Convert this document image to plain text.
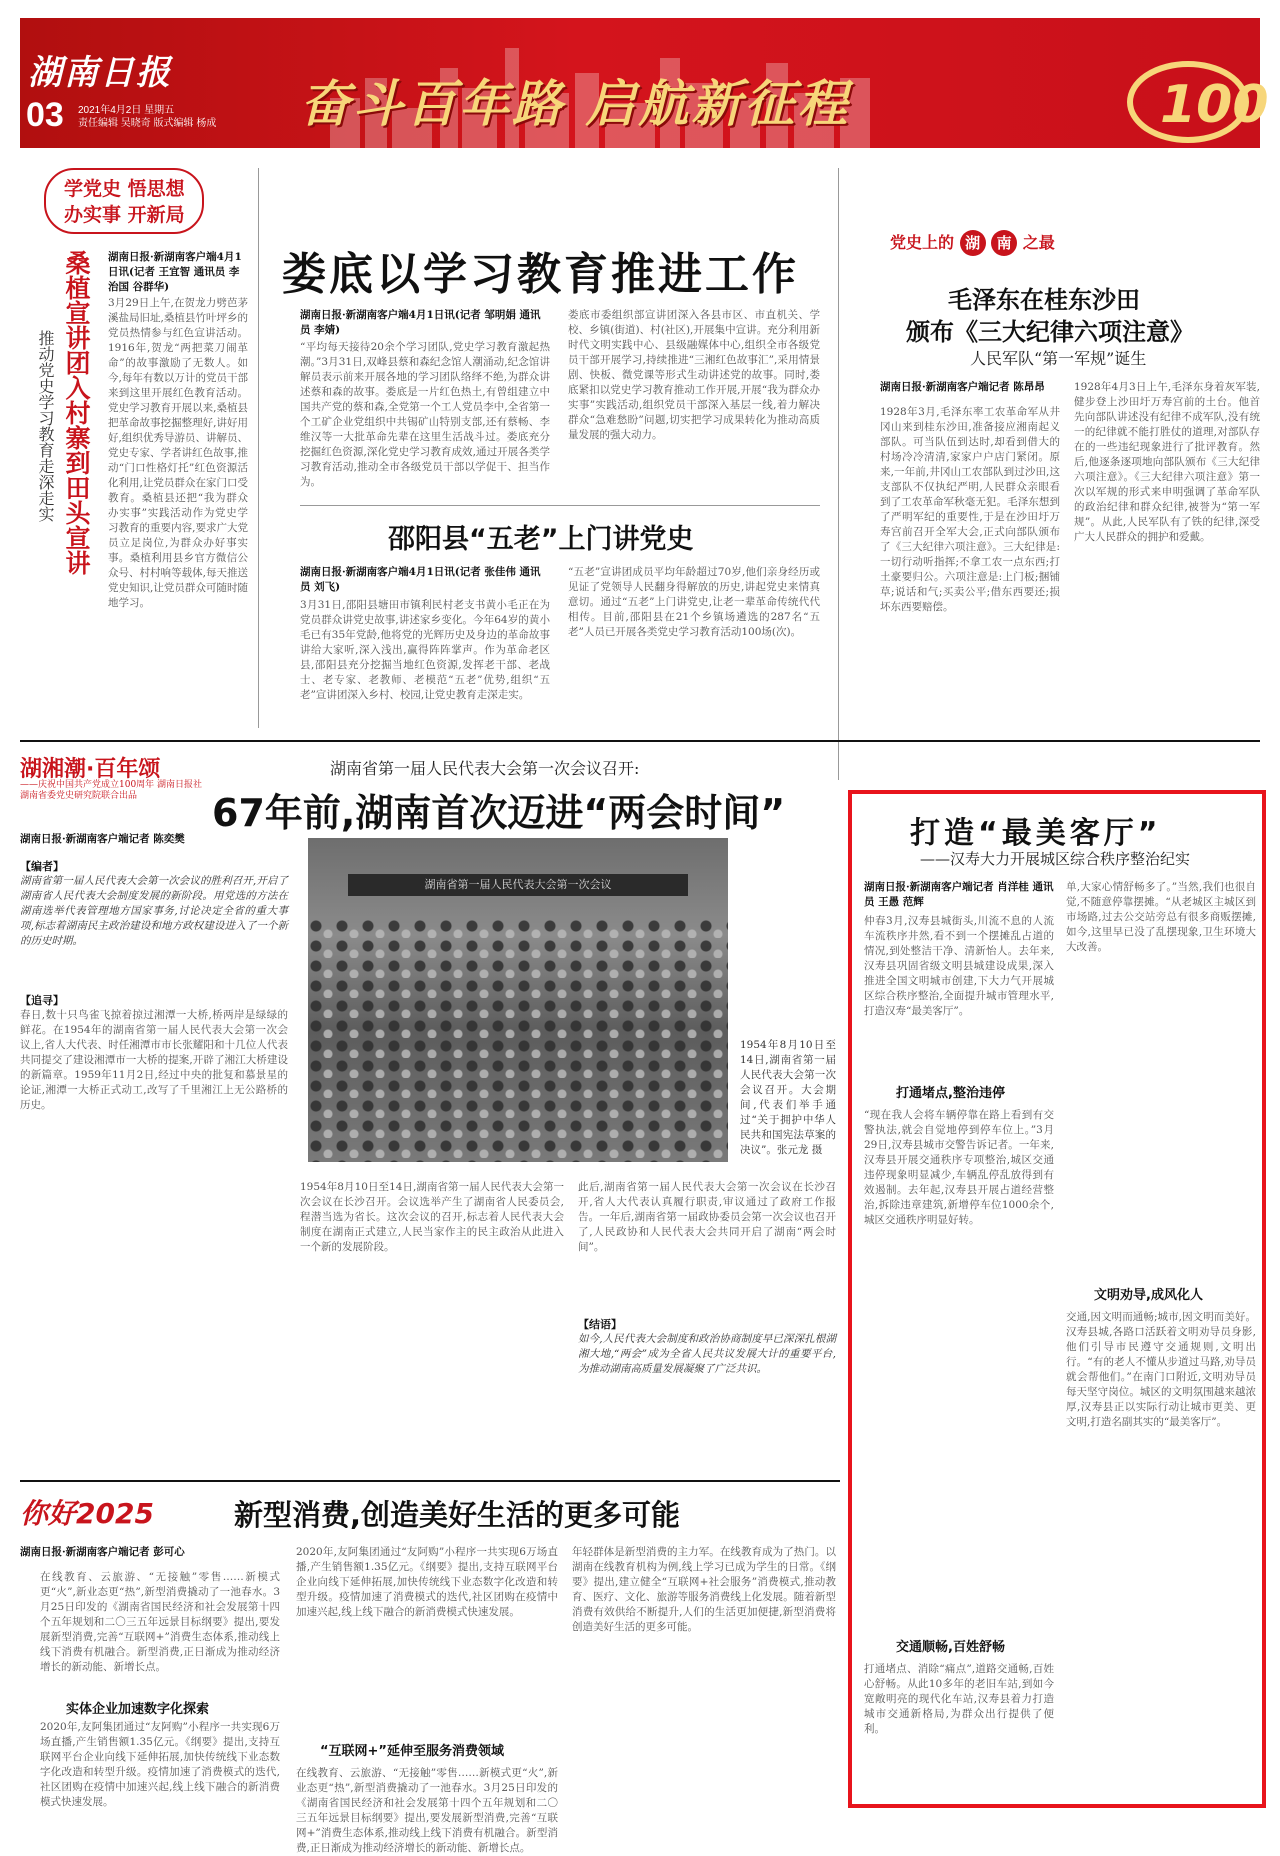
100
湖南日报
03 2021年4月2日 星期五
责任编辑 吴晓奇 版式编辑 杨成 奋斗百年路 启航新征程
学党史 悟思想
办实事 开新局
桑植宣讲团入村寨到田头宣讲
推动党史学习教育走深走实
湖南日报·新湖南客户端4月1日讯(记者 王宜智 通讯员 李治国 谷群华)
3月29日上午,在贺龙力劈芭茅溪盐局旧址,桑植县竹叶坪乡的党员热情参与红色宣讲活动。1916年,贺龙“两把菜刀闹革命”的故事激励了无数人。如今,每年有数以万计的党员干部来到这里开展红色教育活动。党史学习教育开展以来,桑植县把革命故事挖掘整理好,讲好用好,组织优秀导游员、讲解员、党史专家、学者讲红色故事,推动“门口性格灯托”红色资源活化利用,让党员群众在家门口受教育。桑植县还把“我为群众办实事”实践活动作为党史学习教育的重要内容,要求广大党员立足岗位,为群众办好事实事。桑植利用县乡官方微信公众号、村村响等载体,每天推送党史知识,让党员群众可随时随地学习。
娄底以学习教育推进工作
湖南日报·新湖南客户端4月1日讯(记者 邹明娟 通讯员 李婧)
“平均每天接待20余个学习团队,党史学习教育激起热潮。”3月31日,双峰县蔡和森纪念馆人潮涌动,纪念馆讲解员表示前来开展各地的学习团队络绎不绝,为群众讲述蔡和森的故事。娄底是一片红色热土,有曾组建立中国共产党的蔡和森,全党第一个工人党员李中,全省第一个工矿企业党组织中共锡矿山特别支部,还有蔡畅、李维汉等一大批革命先辈在这里生活战斗过。娄底充分挖掘红色资源,深化党史学习教育成效,通过开展各类学习教育活动,推动全市各级党员干部以学促干、担当作为。
娄底市委组织部宣讲团深入各县市区、市直机关、学校、乡镇(街道)、村(社区),开展集中宣讲。充分利用新时代文明实践中心、县级融媒体中心,组织全市各级党员干部开展学习,持续推进“三湘红色故事汇”,采用情景剧、快板、微党课等形式生动讲述党的故事。同时,娄底紧扣以党史学习教育推动工作开展,开展“我为群众办实事”实践活动,组织党员干部深入基层一线,着力解决群众“急难愁盼”问题,切实把学习成果转化为推动高质量发展的强大动力。
邵阳县“五老”上门讲党史
湖南日报·新湖南客户端4月1日讯(记者 张佳伟 通讯员 刘飞)
3月31日,邵阳县塘田市镇利民村老支书黄小毛正在为党员群众讲党史故事,讲述家乡变化。今年64岁的黄小毛已有35年党龄,他将党的光辉历史及身边的革命故事讲给大家听,深入浅出,赢得阵阵掌声。作为革命老区县,邵阳县充分挖掘当地红色资源,发挥老干部、老战士、老专家、老教师、老模范“五老”优势,组织“五老”宣讲团深入乡村、校园,让党史教育走深走实。
“五老”宣讲团成员平均年龄超过70岁,他们亲身经历或见证了党领导人民翻身得解放的历史,讲起党史来情真意切。通过“五老”上门讲党史,让老一辈革命传统代代相传。目前,邵阳县在21个乡镇场遴选的287名“五老”人员已开展各类党史学习教育活动100场(次)。
党史上的 湖 南 之最
毛泽东在桂东沙田
颁布《三大纪律六项注意》
人民军队“第一军规”诞生
湖南日报·新湖南客户端记者 陈昂昂
1928年3月,毛泽东率工农革命军从井冈山来到桂东沙田,准备接应湘南起义部队。可当队伍到达时,却看到借大的村场冷冷清清,家家户户店门紧闭。原来,一年前,井冈山工农部队到过沙田,这支部队不仅执纪严明,人民群众亲眼看到了工农革命军秋毫无犯。毛泽东想到了严明军纪的重要性,于是在沙田圩万寿宫前召开全军大会,正式向部队颁布了《三大纪律六项注意》。三大纪律是:一切行动听指挥;不拿工农一点东西;打土豪要归公。六项注意是:上门板;捆铺草;说话和气;买卖公平;借东西要还;损坏东西要赔偿。
1928年4月3日上午,毛泽东身着灰军装,健步登上沙田圩万寿宫前的土台。他首先向部队讲述没有纪律不成军队,没有统一的纪律就不能打胜仗的道理,对部队存在的一些违纪现象进行了批评教育。然后,他逐条逐项地向部队颁布《三大纪律六项注意》。《三大纪律六项注意》第一次以军规的形式来申明强调了革命军队的政治纪律和群众纪律,被誉为“第一军规”。从此,人民军队有了铁的纪律,深受广大人民群众的拥护和爱戴。
湖湘潮·百年颂
——庆祝中国共产党成立100周年 湖南日报社 湖南省委党史研究院联合出品
湖南省第一届人民代表大会第一次会议召开:
67年前,湖南首次迈进“两会时间”
湖南日报·新湖南客户端记者 陈奕樊
【编者】
湖南省第一届人民代表大会第一次会议的胜利召开,开启了湖南省人民代表大会制度发展的新阶段。用党选的方法在湖南选举代表管理地方国家事务,讨论决定全省的重大事项,标志着湖南民主政治建设和地方政权建设进入了一个新的历史时期。
【追寻】
春日,数十只鸟雀飞掠着掠过湘潭一大桥,桥两岸是绿绿的鲜花。在1954年的湖南省第一届人民代表大会第一次会议上,省人大代表、时任湘潭市市长张耀阳和十几位人代表共同提交了建设湘潭市一大桥的提案,开辟了湘江大桥建设的新篇章。1959年11月2日,经过中央的批复和慕景星的论证,湘潭一大桥正式动工,改写了千里湘江上无公路桥的历史。
湖南省第一届人民代表大会第一次会议
1954年8月10日至14日,湖南省第一届人民代表大会第一次会议召开。大会期间,代表们举手通过“关于拥护中华人民共和国宪法草案的决议”。张元龙 摄
1954年8月10日至14日,湖南省第一届人民代表大会第一次会议在长沙召开。会议选举产生了湖南省人民委员会,程潜当选为省长。这次会议的召开,标志着人民代表大会制度在湖南正式建立,人民当家作主的民主政治从此进入一个新的发展阶段。
此后,湖南省第一届人民代表大会第一次会议在长沙召开,省人大代表认真履行职责,审议通过了政府工作报告。一年后,湖南省第一届政协委员会第一次会议也召开了,人民政协和人民代表大会共同开启了湖南“两会时间”。
【结语】
如今,人民代表大会制度和政治协商制度早已深深扎根湖湘大地,“两会”成为全省人民共议发展大计的重要平台,为推动湖南高质量发展凝聚了广泛共识。
你好2025	新型消费,创造美好生活的更多可能
湖南日报·新湖南客户端记者 彭可心
在线教育、云旅游、“无接触”零售……新模式更“火”,新业态更“热”,新型消费撬动了一池春水。3月25日印发的《湖南省国民经济和社会发展第十四个五年规划和二〇三五年远景目标纲要》提出,要发展新型消费,完善“互联网+”消费生态体系,推动线上线下消费有机融合。新型消费,正日渐成为推动经济增长的新动能、新增长点。
实体企业加速数字化探索
2020年,友阿集团通过“友阿购”小程序一共实现6万场直播,产生销售额1.35亿元。《纲要》提出,支持互联网平台企业向线下延伸拓展,加快传统线下业态数字化改造和转型升级。疫情加速了消费模式的迭代,社区团购在疫情中加速兴起,线上线下融合的新消费模式快速发展。
2020年,友阿集团通过“友阿购”小程序一共实现6万场直播,产生销售额1.35亿元。《纲要》提出,支持互联网平台企业向线下延伸拓展,加快传统线下业态数字化改造和转型升级。疫情加速了消费模式的迭代,社区团购在疫情中加速兴起,线上线下融合的新消费模式快速发展。
“互联网+”延伸至服务消费领域
在线教育、云旅游、“无接触”零售……新模式更“火”,新业态更“热”,新型消费撬动了一池春水。3月25日印发的《湖南省国民经济和社会发展第十四个五年规划和二〇三五年远景目标纲要》提出,要发展新型消费,完善“互联网+”消费生态体系,推动线上线下消费有机融合。新型消费,正日渐成为推动经济增长的新动能、新增长点。
年轻群体是新型消费的主力军。在线教育成为了热门。以湖南在线教育机构为例,线上学习已成为学生的日常。《纲要》提出,建立健全“互联网+社会服务”消费模式,推动教育、医疗、文化、旅游等服务消费线上化发展。随着新型消费有效供给不断提升,人们的生活更加便捷,新型消费将创造美好生活的更多可能。
打造“最美客厅”
——汉寿大力开展城区综合秩序整治纪实
湖南日报·新湖南客户端记者 肖洋桂 通讯员 王愚 范辉
仲春3月,汉寿县城街头,川流不息的人流车流秩序井然,看不到一个摆摊乱占道的情况,到处整洁干净、清新怡人。去年来,汉寿县巩固省级文明县城建设成果,深入推进全国文明城市创建,下大力气开展城区综合秩序整治,全面提升城市管理水平,打造汉寿“最美客厅”。
打通堵点,整治违停
“现在我人会将车辆停靠在路上看到有交警执法,就会自觉地停到停车位上。”3月29日,汉寿县城市交警告诉记者。一年来,汉寿县开展交通秩序专项整治,城区交通违停现象明显减少,车辆乱停乱放得到有效遏制。去年起,汉寿县开展占道经营整治,拆除违章建筑,新增停车位1000余个,城区交通秩序明显好转。
交通顺畅,百姓舒畅
打通堵点、消除“痛点”,道路交通畅,百姓心舒畅。从此10多年的老旧车站,到如今宽敞明亮的现代化车站,汉寿县着力打造城市交通新格局,为群众出行提供了便利。
单,大家心情舒畅多了。”当然,我们也很自觉,不随意停靠摆摊。“从老城区主城区到市场路,过去公交站旁总有很多商贩摆摊,如今,这里早已没了乱摆现象,卫生环境大大改善。
文明劝导,成风化人
交通,因文明而通畅;城市,因文明而美好。汉寿县城,各路口活跃着文明劝导员身影,他们引导市民遵守交通规则,文明出行。“有的老人不懂从步道过马路,劝导员就会帮他们。”在南门口附近,文明劝导员每天坚守岗位。城区的文明氛围越来越浓厚,汉寿县正以实际行动让城市更美、更文明,打造名副其实的“最美客厅”。
